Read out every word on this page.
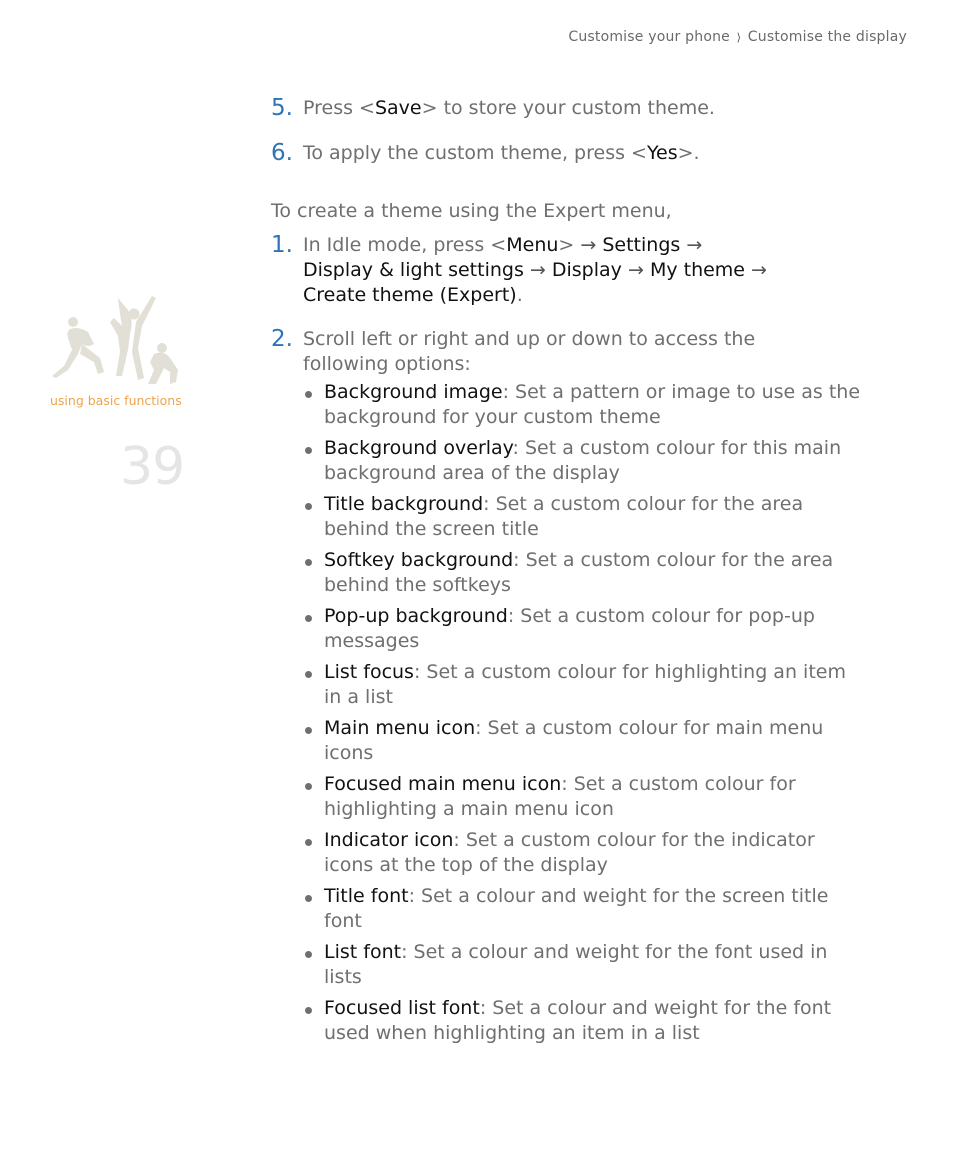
Customise your phone ⟩ Customise the display
using basic functions
39
5. Press <Save> to store your custom theme.
6. To apply the custom theme, press <Yes>.
To create a theme using the Expert menu,
1. In Idle mode, press <Menu> → Settings →
Display & light settings → Display → My theme →
Create theme (Expert).
2. Scroll left or right and up or down to access the following options:
Background image: Set a pattern or image to use as the background for your custom theme
Background overlay: Set a custom colour for this main background area of the display
Title background: Set a custom colour for the area behind the screen title
Softkey background: Set a custom colour for the area behind the softkeys
Pop-up background: Set a custom colour for pop-up messages
List focus: Set a custom colour for highlighting an item in a list
Main menu icon: Set a custom colour for main menu icons
Focused main menu icon: Set a custom colour for highlighting a main menu icon
Indicator icon: Set a custom colour for the indicator icons at the top of the display
Title font: Set a colour and weight for the screen title font
List font: Set a colour and weight for the font used in lists
Focused list font: Set a colour and weight for the font used when highlighting an item in a list
